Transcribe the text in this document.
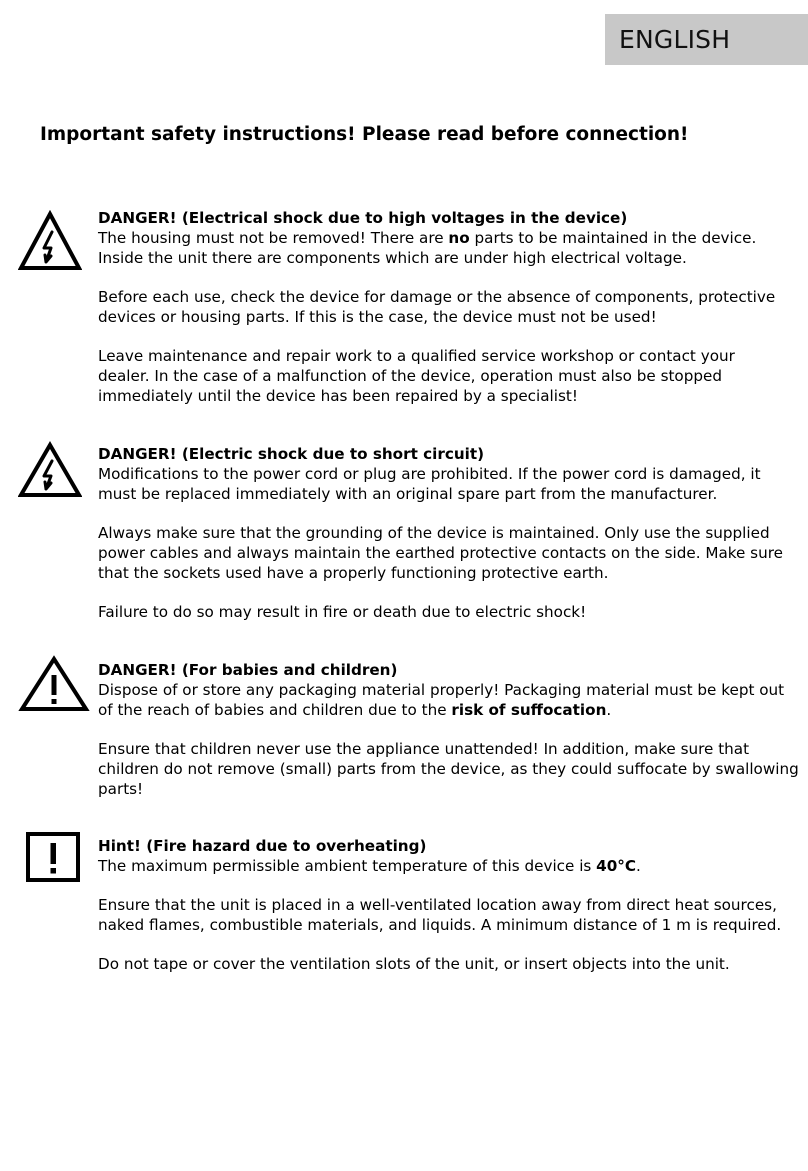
ENGLISH
Important safety instructions! Please read before connection!

DANGER! (Electrical shock due to high voltages in the device)

The housing must not be removed! There are no parts to be maintained in the device.

Inside the unit there are components which are under high electrical voltage.

Before each use, check the device for damage or the absence of components, protective

devices or housing parts. If this is the case, the device must not be used!

Leave maintenance and repair work to a qualified service workshop or contact your

dealer. In the case of a malfunction of the device, operation must also be stopped

immediately until the device has been repaired by a specialist!

DANGER! (Electric shock due to short circuit)

Modifications to the power cord or plug are prohibited. If the power cord is damaged, it

must be replaced immediately with an original spare part from the manufacturer.

Always make sure that the grounding of the device is maintained. Only use the supplied

power cables and always maintain the earthed protective contacts on the side. Make sure

that the sockets used have a properly functioning protective earth.

Failure to do so may result in fire or death due to electric shock!

DANGER! (For babies and children)

Dispose of or store any packaging material properly! Packaging material must be kept out

of the reach of babies and children due to the risk of suffocation.

Ensure that children never use the appliance unattended! In addition, make sure that

children do not remove (small) parts from the device, as they could suffocate by swallowing

parts!

Hint! (Fire hazard due to overheating)

The maximum permissible ambient temperature of this device is 40°C.

Ensure that the unit is placed in a well-ventilated location away from direct heat sources,

naked flames, combustible materials, and liquids. A minimum distance of 1 m is required.

Do not tape or cover the ventilation slots of the unit, or insert objects into the unit.
